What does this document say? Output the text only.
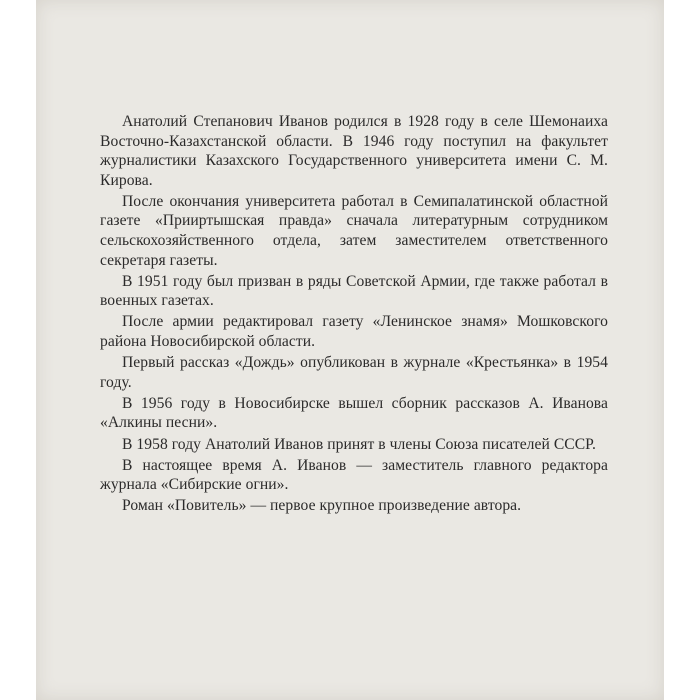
Анатолий Степанович Иванов родился в 1928 году в селе Шемонаиха Восточно-Казахстанской области. В 1946 году поступил на факультет журналистики Казахского Государственного университета имени С. М. Кирова.

После окончания университета работал в Семипалатинской областной газете «Прииртышская правда» сначала литературным сотрудником сельскохозяйственного отдела, затем заместителем ответственного секретаря газеты.

В 1951 году был призван в ряды Советской Армии, где также работал в военных газетах.

После армии редактировал газету «Ленинское знамя» Мошковского района Новосибирской области.

Первый рассказ «Дождь» опубликован в журнале «Крестьянка» в 1954 году.

В 1956 году в Новосибирске вышел сборник рассказов А. Иванова «Алкины песни».

В 1958 году Анатолий Иванов принят в члены Союза писателей СССР.

В настоящее время А. Иванов — заместитель главного редактора журнала «Сибирские огни».

Роман «Повитель» — первое крупное произведение автора.
